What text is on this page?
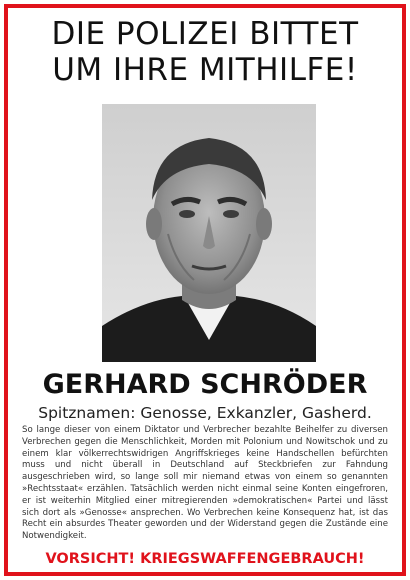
DIE POLIZEI BITTET
UM IHRE MITHILFE!
GERHARD SCHRÖDER
Spitznamen: Genosse, Exkanzler, Gasherd.
So lange dieser von einem Diktator und Verbrecher bezahlte Beihelfer zu diversen Verbrechen gegen die Menschlichkeit, Morden mit Polonium und Nowitschok und zu einem klar völkerrechtswidrigen Angriffskrieges keine Handschellen befürchten muss und nicht überall in Deutschland auf Steckbriefen zur Fahndung ausgeschrieben wird, so lange soll mir niemand etwas von einem so genannten »Rechtsstaat« erzählen. Tatsächlich werden nicht einmal seine Konten eingefroren, er ist weiterhin Mitglied einer mitregierenden »demokratischen« Partei und lässt sich dort als »Genosse« ansprechen. Wo Verbrechen keine Konsequenz hat, ist das Recht ein absurdes Theater geworden und der Widerstand gegen die Zustände eine Notwendigkeit.
VORSICHT! KRIEGSWAFFENGEBRAUCH!
